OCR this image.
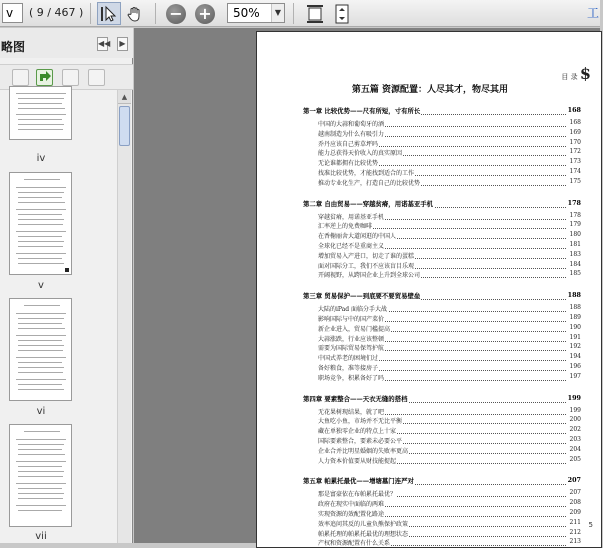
v	( 9 / 467 )	− +	50%	▼	工
略图	◀◀	▶
iv
v
vi
vii
▲
目 录 $
第五篇 资源配置：人尽其才，物尽其用
第一章 比较优势——尺有所短，寸有所长	168
中国的大蒜和葡萄牙的酒	168
越南制造为什么有吸引力	169
乔丹应该自己剪草坪吗	170
能力总获得天价收入的真实原因	172
无论谁都拥有比较优势	173
找准比较优势，才能找到适合的工作	174
推动专业化生产，打造自己的比较优势	175
第二章 自由贸易——穿越贫瘠，用诺基亚手机	178
穿越贫瘠，用诺基亚手机	178
汇率逆上的免费咖啡	179
在香榭丽舍大道闲逛的中国人	180
全球化已经不是重商主义	181
增加贸易入产进口，切走了谁的蛋糕	183
面对国际分工，我们不应该盲目乐观	184
开阔视野，从跨国企业上升到全球公司	185
第三章 贸易保护——到底要不要贸易壁垒	188
大陆的iPad 面临分手大战	188
影响国际与中的国产菜价	189
新企业进入，贸易门槛提高	190
大蒜涨跌，行业应该整顿	191
需要为国际贸易保驾护航	192
中国式养老的困境们过	194
备好粮食，准等接房子	196
职场竞争，积累备好了吗	197
第四章 要素整合——天衣无缝的搭档	199
无花果树现结果，就了吧	199
大鱼吃小鱼，市场并不无比平衡	200
藏在单独零企业的特点上十家	202
国际要素整合，要素未必要公平	203
企业合并比明星婚姻的失败率更高	204
人力资本价值要从财技能捉起	205
第五章 帕累托最优——增塘墓门连严对	207
那是富豪依在布帕累托最优？	207
政府在现实中面临的两难	208
实现资源的效配置化路途	209
效率追问其反的儿童负熊保护政策	211
帕累托理的帕累托最优的理想状态	212
产权和资源配置有什么关系	213
5
